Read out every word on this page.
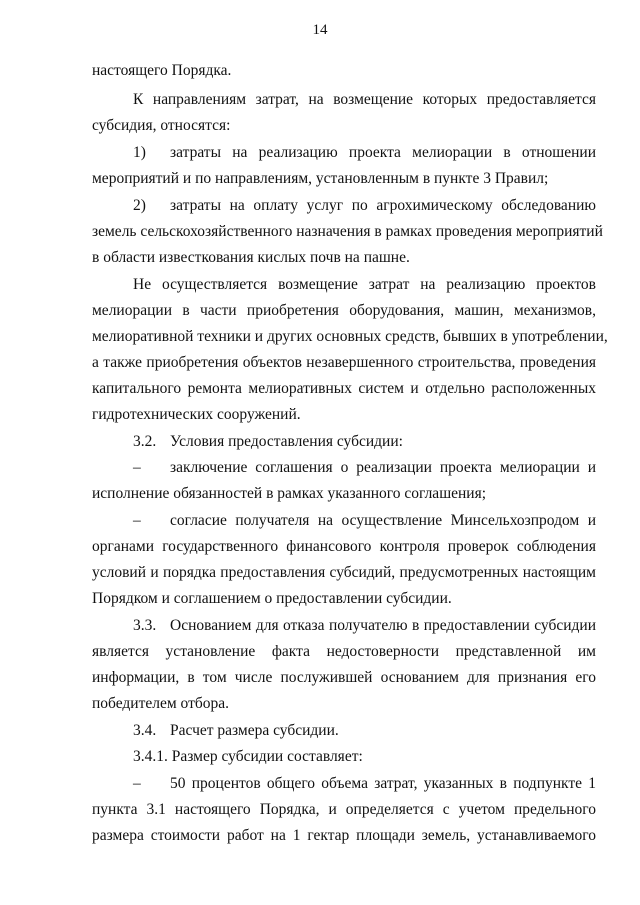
14
настоящего Порядка.
К направлениям затрат, на возмещение которых предоставляется
субсидия, относятся:
1) затраты на реализацию проекта мелиорации в отношении
мероприятий и по направлениям, установленным в пункте 3 Правил;
2) затраты на оплату услуг по агрохимическому обследованию
земель сельскохозяйственного назначения в рамках проведения мероприятий
в области известкования кислых почв на пашне.
Не осуществляется возмещение затрат на реализацию проектов
мелиорации в части приобретения оборудования, машин, механизмов,
мелиоративной техники и других основных средств, бывших в употреблении,
а также приобретения объектов незавершенного строительства, проведения
капитального ремонта мелиоративных систем и отдельно расположенных
гидротехнических сооружений.
3.2. Условия предоставления субсидии:
– заключение соглашения о реализации проекта мелиорации и
исполнение обязанностей в рамках указанного соглашения;
– согласие получателя на осуществление Минсельхозпродом и
органами государственного финансового контроля проверок соблюдения
условий и порядка предоставления субсидий, предусмотренных настоящим
Порядком и соглашением о предоставлении субсидии.
3.3. Основанием для отказа получателю в предоставлении субсидии
является установление факта недостоверности представленной им
информации, в том числе послужившей основанием для признания его
победителем отбора.
3.4. Расчет размера субсидии.
3.4.1. Размер субсидии составляет:
– 50 процентов общего объема затрат, указанных в подпункте 1
пункта 3.1 настоящего Порядка, и определяется с учетом предельного
размера стоимости работ на 1 гектар площади земель, устанавливаемого
